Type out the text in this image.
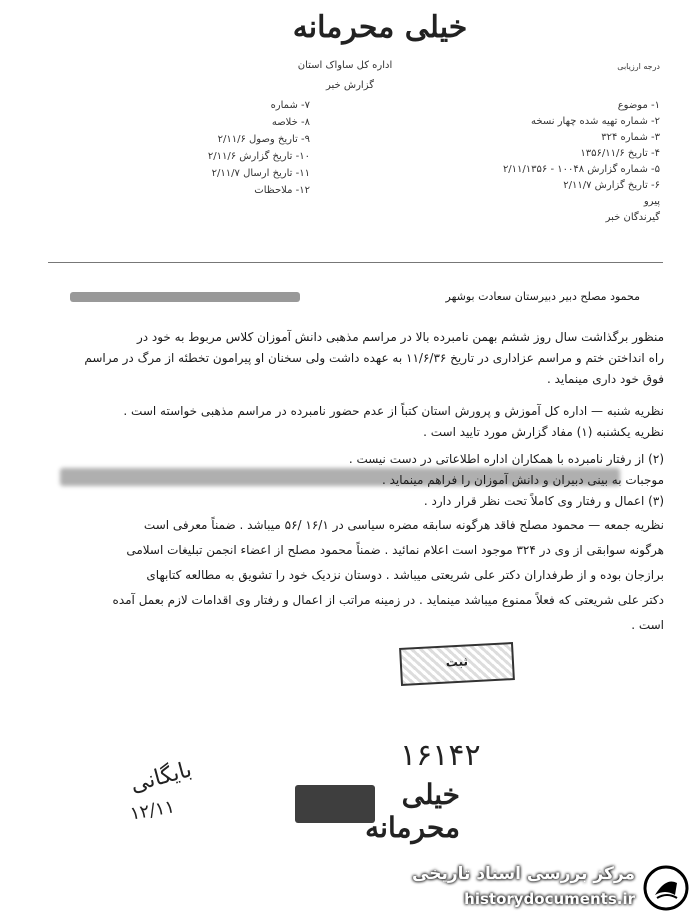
خیلی محرمانه
اداره کل ساواک استان
گزارش خبر
درجه ارزیابی
۷- شماره
۸- خلاصه
۹- تاریخ وصول ۲/۱۱/۶
۱۰- تاریخ گزارش ۲/۱۱/۶
۱۱- تاریخ ارسال ۲/۱۱/۷
۱۲- ملاحظات
۱- موضوع
۲- شماره تهیه شده چهار نسخه
۳- شماره ۳۲۴
۴- تاریخ ۱۳۵۶/۱۱/۶
۵- شماره گزارش ۱۰۰۴۸ - ۲/۱۱/۱۳۵۶
۶- تاریخ گزارش ۲/۱۱/۷
پیرو
گیرندگان خبر
محمود مصلح دبیر دبیرستان سعادت بوشهر
منظور برگذاشت سال روز ششم بهمن نامبرده بالا در مراسم مذهبی دانش آموزان کلاس مربوط به خود در
راه انداختن ختم و مراسم عزاداری در تاریخ ۱۱/۶/۳۶ به عهده داشت ولی سخنان او پیرامون تخطئه از مرگ در مراسم
فوق خود داری مینماید .
نظریه شنبه — اداره کل آموزش و پرورش استان کتباً از عدم حضور نامبرده در مراسم مذهبی خواسته است .
نظریه یکشنبه (۱) مفاد گزارش مورد تایید است .
(۲) از رفتار نامبرده با همکاران اداره اطلاعاتی در دست نیست .
موجبات به بینی دبیران و دانش آموزان را فراهم مینماید .
(۳) اعمال و رفتار وی کاملاً تحت نظر قرار دارد .
نظریه جمعه — محمود مصلح فاقد هرگونه سابقه مضره سیاسی در ۱۶/۱ /۵۶ میباشد . ضمناً معرفی است
هرگونه سوابقی از وی در ۳۲۴ موجود است اعلام نمائید . ضمناً محمود مصلح از اعضاء انجمن تبلیغات اسلامی
برازجان بوده و از طرفداران دکتر علی شریعتی میباشد . دوستان نزدیک خود را تشویق به مطالعه کتابهای
دکتر علی شریعتی که فعلاً ممنوع میباشد مینماید . در زمینه مراتب از اعمال و رفتار وی اقدامات لازم بعمل آمده
است .
ثبت
۱۶۱۴۲
بایگانی
۱۲/۱۱	خیلی محرمانه
مرکز بررسی اسناد تاریخی
historydocuments.ir
